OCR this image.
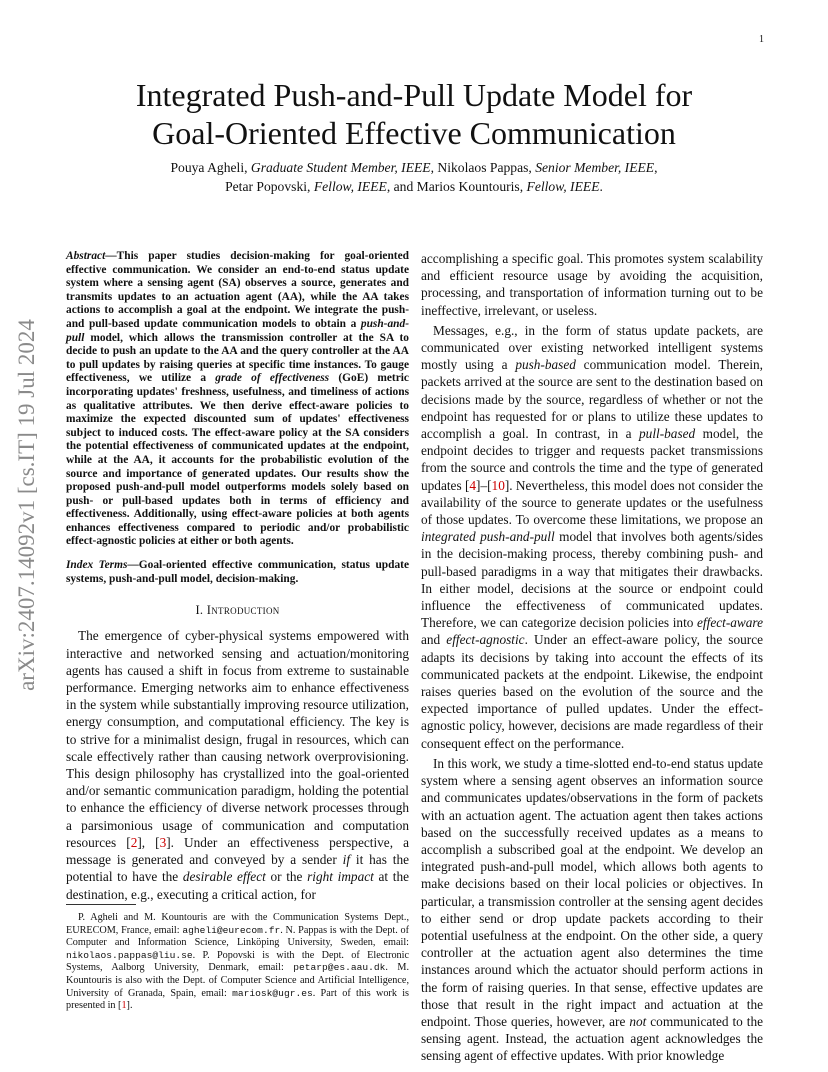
1
arXiv:2407.14092v1 [cs.IT] 19 Jul 2024
Integrated Push-and-Pull Update Model for
Goal-Oriented Effective Communication
Pouya Agheli, Graduate Student Member, IEEE, Nikolaos Pappas, Senior Member, IEEE,
Petar Popovski, Fellow, IEEE, and Marios Kountouris, Fellow, IEEE.

Abstract—This paper studies decision-making for goal-oriented effective communication. We consider an end-to-end status update system where a sensing agent (SA) observes a source, generates and transmits updates to an actuation agent (AA), while the AA takes actions to accomplish a goal at the endpoint. We integrate the push- and pull-based update communication models to obtain a push-and-pull model, which allows the transmission controller at the SA to decide to push an update to the AA and the query controller at the AA to pull updates by raising queries at specific time instances. To gauge effectiveness, we utilize a grade of effectiveness (GoE) metric incorporating updates' freshness, usefulness, and timeliness of actions as qualitative attributes. We then derive effect-aware policies to maximize the expected discounted sum of updates' effectiveness subject to induced costs. The effect-aware policy at the SA considers the potential effectiveness of communicated updates at the endpoint, while at the AA, it accounts for the probabilistic evolution of the source and importance of generated updates. Our results show the proposed push-and-pull model outperforms models solely based on push- or pull-based updates both in terms of efficiency and effectiveness. Additionally, using effect-aware policies at both agents enhances effectiveness compared to periodic and/or probabilistic effect-agnostic policies at either or both agents.

Index Terms—Goal-oriented effective communication, status update systems, push-and-pull model, decision-making.

I. Introduction

The emergence of cyber-physical systems empowered with interactive and networked sensing and actuation/monitoring agents has caused a shift in focus from extreme to sustainable performance. Emerging networks aim to enhance effectiveness in the system while substantially improving resource utilization, energy consumption, and computational efficiency. The key is to strive for a minimalist design, frugal in resources, which can scale effectively rather than causing network overprovisioning. This design philosophy has crystallized into the goal-oriented and/or semantic communication paradigm, holding the potential to enhance the efficiency of diverse network processes through a parsimonious usage of communication and computation resources [2], [3]. Under an effectiveness perspective, a message is generated and conveyed by a sender if it has the potential to have the desirable effect or the right impact at the destination, e.g., executing a critical action, for

P. Agheli and M. Kountouris are with the Communication Systems Dept., EURECOM, France, email: agheli@eurecom.fr. N. Pappas is with the Dept. of Computer and Information Science, Linköping University, Sweden, email: nikolaos.pappas@liu.se. P. Popovski is with the Dept. of Electronic Systems, Aalborg University, Denmark, email: petarp@es.aau.dk. M. Kountouris is also with the Dept. of Computer Science and Artificial Intelligence, University of Granada, Spain, email: mariosk@ugr.es. Part of this work is presented in [1].

accomplishing a specific goal. This promotes system scalability and efficient resource usage by avoiding the acquisition, processing, and transportation of information turning out to be ineffective, irrelevant, or useless.

Messages, e.g., in the form of status update packets, are communicated over existing networked intelligent systems mostly using a push-based communication model. Therein, packets arrived at the source are sent to the destination based on decisions made by the source, regardless of whether or not the endpoint has requested for or plans to utilize these updates to accomplish a goal. In contrast, in a pull-based model, the endpoint decides to trigger and requests packet transmissions from the source and controls the time and the type of generated updates [4]–[10]. Nevertheless, this model does not consider the availability of the source to generate updates or the usefulness of those updates. To overcome these limitations, we propose an integrated push-and-pull model that involves both agents/sides in the decision-making process, thereby combining push- and pull-based paradigms in a way that mitigates their drawbacks. In either model, decisions at the source or endpoint could influence the effectiveness of communicated updates. Therefore, we can categorize decision policies into effect-aware and effect-agnostic. Under an effect-aware policy, the source adapts its decisions by taking into account the effects of its communicated packets at the endpoint. Likewise, the endpoint raises queries based on the evolution of the source and the expected importance of pulled updates. Under the effect-agnostic policy, however, decisions are made regardless of their consequent effect on the performance.

In this work, we study a time-slotted end-to-end status update system where a sensing agent observes an information source and communicates updates/observations in the form of packets with an actuation agent. The actuation agent then takes actions based on the successfully received updates as a means to accomplish a subscribed goal at the endpoint. We develop an integrated push-and-pull model, which allows both agents to make decisions based on their local policies or objectives. In particular, a transmission controller at the sensing agent decides to either send or drop update packets according to their potential usefulness at the endpoint. On the other side, a query controller at the actuation agent also determines the time instances around which the actuator should perform actions in the form of raising queries. In that sense, effective updates are those that result in the right impact and actuation at the endpoint. Those queries, however, are not communicated to the sensing agent. Instead, the actuation agent acknowledges the sensing agent of effective updates. With prior knowledge
